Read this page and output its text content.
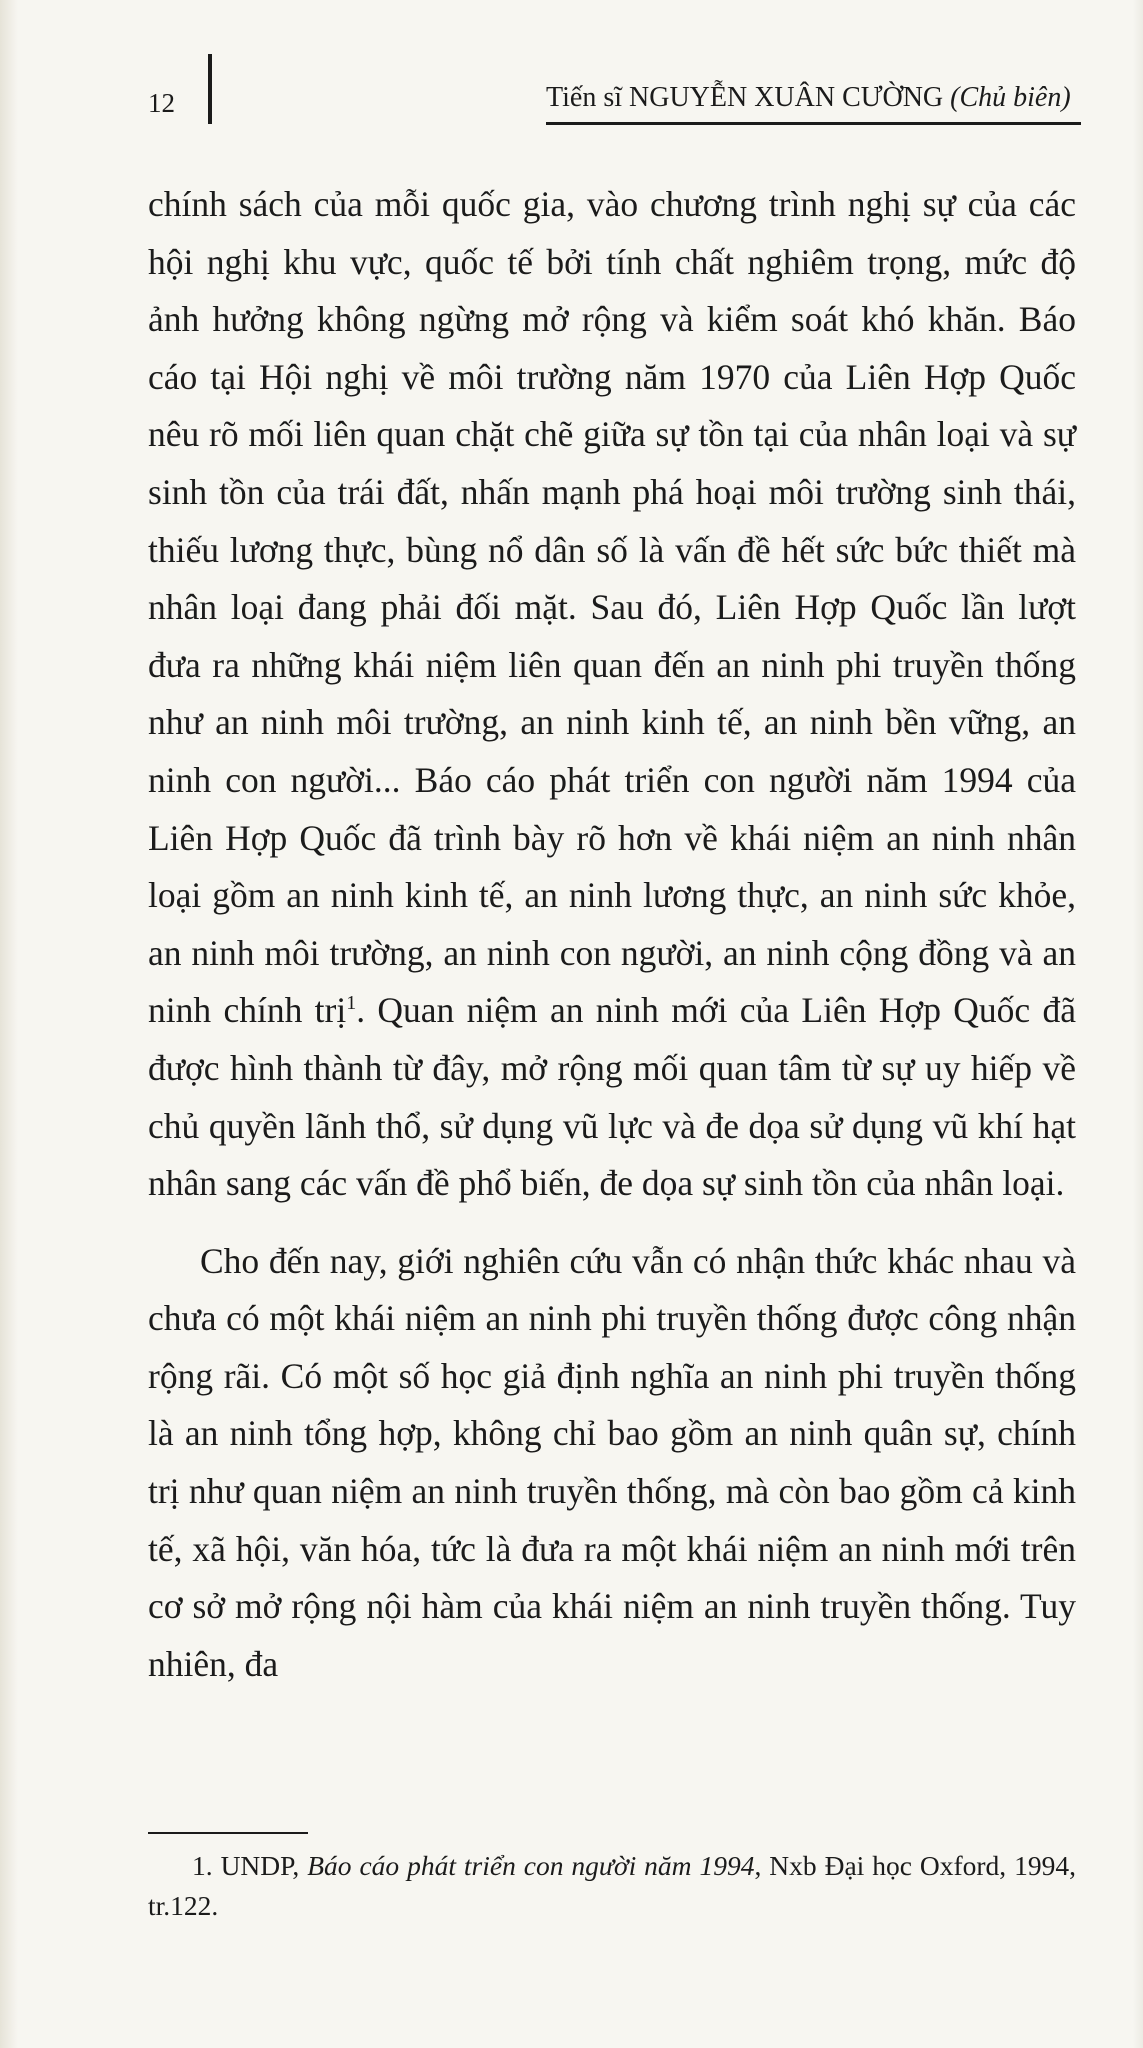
12	Tiến sĩ NGUYỄN XUÂN CƯỜNG (Chủ biên)

chính sách của mỗi quốc gia, vào chương trình nghị sự của các hội nghị khu vực, quốc tế bởi tính chất nghiêm trọng, mức độ ảnh hưởng không ngừng mở rộng và kiểm soát khó khăn. Báo cáo tại Hội nghị về môi trường năm 1970 của Liên Hợp Quốc nêu rõ mối liên quan chặt chẽ giữa sự tồn tại của nhân loại và sự sinh tồn của trái đất, nhấn mạnh phá hoại môi trường sinh thái, thiếu lương thực, bùng nổ dân số là vấn đề hết sức bức thiết mà nhân loại đang phải đối mặt. Sau đó, Liên Hợp Quốc lần lượt đưa ra những khái niệm liên quan đến an ninh phi truyền thống như an ninh môi trường, an ninh kinh tế, an ninh bền vững, an ninh con người... Báo cáo phát triển con người năm 1994 của Liên Hợp Quốc đã trình bày rõ hơn về khái niệm an ninh nhân loại gồm an ninh kinh tế, an ninh lương thực, an ninh sức khỏe, an ninh môi trường, an ninh con người, an ninh cộng đồng và an ninh chính trị$^1$. Quan niệm an ninh mới của Liên Hợp Quốc đã được hình thành từ đây, mở rộng mối quan tâm từ sự uy hiếp về chủ quyền lãnh thổ, sử dụng vũ lực và đe dọa sử dụng vũ khí hạt nhân sang các vấn đề phổ biến, đe dọa sự sinh tồn của nhân loại.

Cho đến nay, giới nghiên cứu vẫn có nhận thức khác nhau và chưa có một khái niệm an ninh phi truyền thống được công nhận rộng rãi. Có một số học giả định nghĩa an ninh phi truyền thống là an ninh tổng hợp, không chỉ bao gồm an ninh quân sự, chính trị như quan niệm an ninh truyền thống, mà còn bao gồm cả kinh tế, xã hội, văn hóa, tức là đưa ra một khái niệm an ninh mới trên cơ sở mở rộng nội hàm của khái niệm an ninh truyền thống. Tuy nhiên, đa

1. UNDP, Báo cáo phát triển con người năm 1994, Nxb Đại học Oxford, 1994, tr.122.
